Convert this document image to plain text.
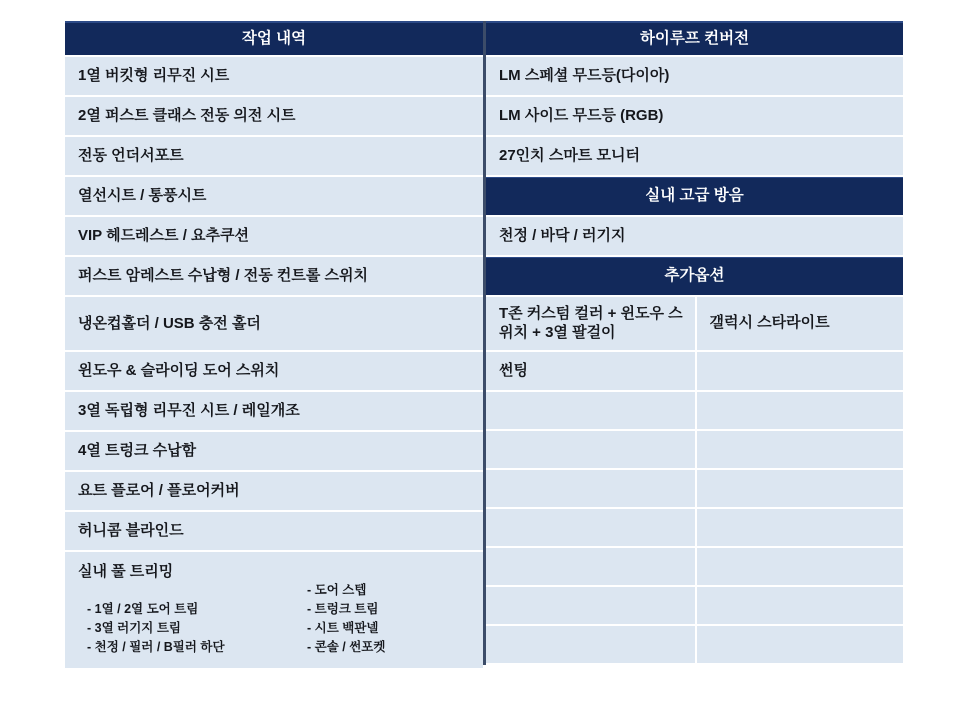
작업 내역
1열 버킷형 리무진 시트
2열 퍼스트 클래스 전동 의전 시트
전동 언더서포트
열선시트 / 통풍시트
VIP 헤드레스트 / 요추쿠션
퍼스트 암레스트 수납형 / 전동 컨트롤 스위치
냉온컵홀더 / USB 충전 홀더
윈도우 & 슬라이딩 도어 스위치
3열 독립형 리무진 시트 / 레일개조
4열 트렁크 수납함
요트 플로어 / 플로어커버
허니콤 블라인드
실내 풀 트리밍
- 1열 / 2열 도어 트림
- 3열 러기지 트림
- 천정 / 필러 / B필러 하단
- 도어 스텝
- 트렁크 트림
- 시트 백판넬
- 콘솔 / 썬포켓
하이루프 컨버전
LM 스페셜 무드등(다이아)
LM 사이드 무드등 (RGB)
27인치 스마트 모니터
실내 고급 방음
천정 / 바닥 / 러기지
추가옵션
T존 커스텀 컬러 + 윈도우 스위치 + 3열 팔걸이
갤럭시 스타라이트
썬팅
